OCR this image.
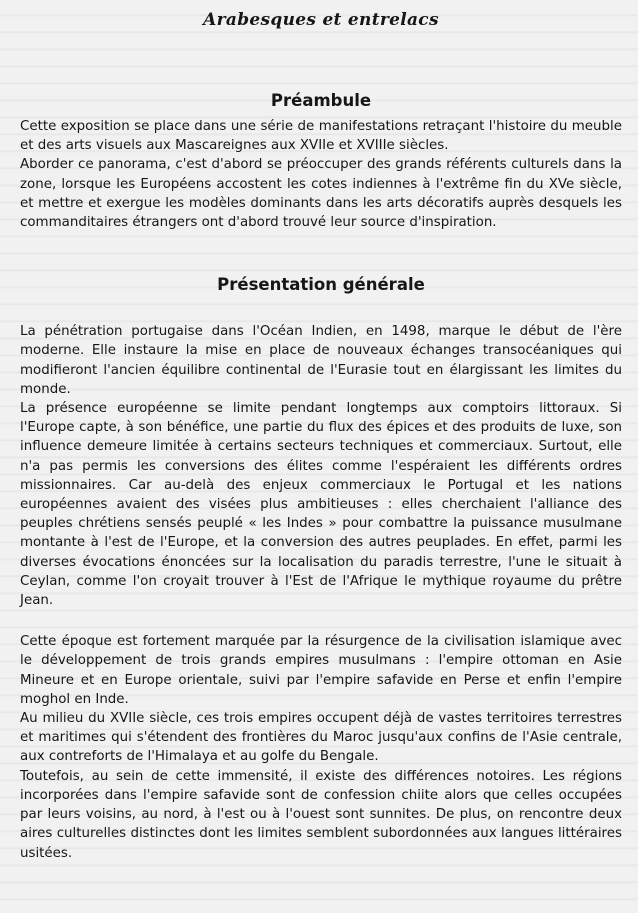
Arabesques et entrelacs
Préambule

Cette exposition se place dans une série de manifestations retraçant l'histoire du meuble et des arts visuels aux Mascareignes aux XVIIe et XVIIIe siècles.

Aborder ce panorama, c'est d'abord se préoccuper des grands référents culturels dans la zone, lorsque les Européens accostent les cotes indiennes à l'extrême fin du XVe siècle, et mettre et exergue les modèles dominants dans les arts décoratifs auprès desquels les commanditaires étrangers ont d'abord trouvé leur source d'inspiration.

Présentation générale

La pénétration portugaise dans l'Océan Indien, en 1498, marque le début de l'ère moderne. Elle instaure la mise en place de nouveaux échanges transocéaniques qui modifieront l'ancien équilibre continental de l'Eurasie tout en élargissant les limites du monde.

La présence européenne se limite pendant longtemps aux comptoirs littoraux. Si l'Europe capte, à son bénéfice, une partie du flux des épices et des produits de luxe, son influence demeure limitée à certains secteurs techniques et commerciaux. Surtout, elle n'a pas permis les conversions des élites comme l'espéraient les différents ordres missionnaires. Car au-delà des enjeux commerciaux le Portugal et les nations européennes avaient des visées plus ambitieuses : elles cherchaient l'alliance des peuples chrétiens sensés peuplé « les Indes » pour combattre la puissance musulmane montante à l'est de l'Europe, et la conversion des autres peuplades. En effet, parmi les diverses évocations énoncées sur la localisation du paradis terrestre, l'une le situait à Ceylan, comme l'on croyait trouver à l'Est de l'Afrique le mythique royaume du prêtre Jean.

Cette époque est fortement marquée par la résurgence de la civilisation islamique avec le développement de trois grands empires musulmans : l'empire ottoman en Asie Mineure et en Europe orientale, suivi par l'empire safavide en Perse et enfin l'empire moghol en Inde.

Au milieu du XVIIe siècle, ces trois empires occupent déjà de vastes territoires terrestres et maritimes qui s'étendent des frontières du Maroc jusqu'aux confins de l'Asie centrale, aux contreforts de l'Himalaya et au golfe du Bengale.

Toutefois, au sein de cette immensité, il existe des différences notoires. Les régions incorporées dans l'empire safavide sont de confession chiite alors que celles occupées par leurs voisins, au nord, à l'est ou à l'ouest sont sunnites. De plus, on rencontre deux aires culturelles distinctes dont les limites semblent subordonnées aux langues littéraires usitées.
